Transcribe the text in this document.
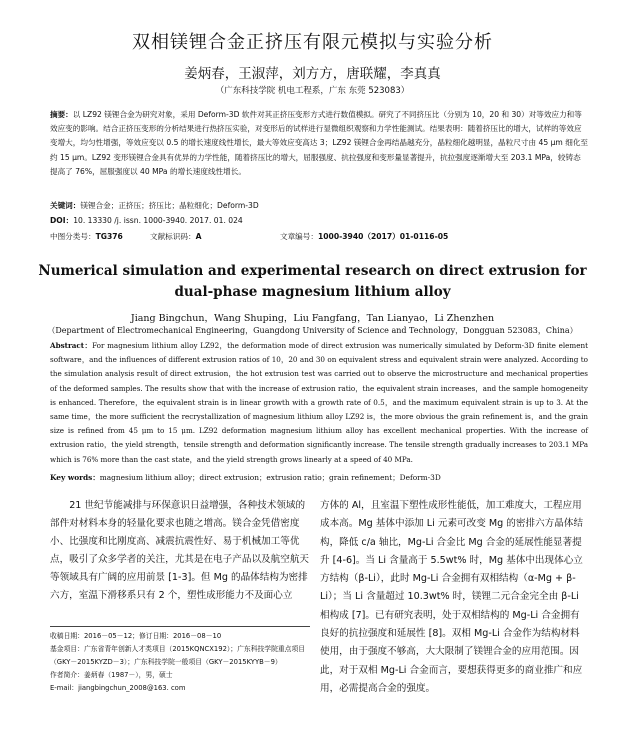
双相镁锂合金正挤压有限元模拟与实验分析
姜炳春，王淑萍，刘方方，唐联耀，李真真
（广东科技学院 机电工程系，广东 东莞 523083）
摘要：以 LZ92 镁锂合金为研究对象，采用 Deform-3D 软件对其正挤压变形方式进行数值模拟。研究了不同挤压比（分别为 10，20 和 30）对等效应力和等效应变的影响。结合正挤压变形的分析结果进行热挤压实验，对变形后的试样进行显微组织观察和力学性能测试。结果表明：随着挤压比的增大，试样的等效应变增大，均匀性增强，等效应变以 0.5 的增长速度线性增长，最大等效应变高达 3；LZ92 镁锂合金再结晶越充分，晶粒细化越明显，晶粒尺寸由 45 μm 细化至约 15 μm。LZ92 变形镁锂合金具有优异的力学性能，随着挤压比的增大，屈服强度、抗拉强度和变形量显著提升，抗拉强度逐渐增大至 203.1 MPa，较铸态提高了 76%，屈服强度以 40 MPa 的增长速度线性增长。
关键词：镁锂合金；正挤压；挤压比；晶粒细化；Deform-3D
DOI：10. 13330 /j. issn. 1000-3940. 2017. 01. 024
中图分类号：TG376	文献标识码：A	文章编号：1000-3940（2017）01-0116-05
Numerical simulation and experimental research on direct extrusion for
dual-phase magnesium lithium alloy
Jiang Bingchun，Wang Shuping，Liu Fangfang，Tan Lianyao，Li Zhenzhen
（Department of Electromechanical Engineering，Guangdong University of Science and Technology，Dongguan 523083，China）
Abstract：For magnesium lithium alloy LZ92，the deformation mode of direct extrusion was numerically simulated by Deform-3D finite element software，and the influences of different extrusion ratios of 10，20 and 30 on equivalent stress and equivalent strain were analyzed. According to the simulation analysis result of direct extrusion，the hot extrusion test was carried out to observe the microstructure and mechanical properties of the deformed samples. The results show that with the increase of extrusion ratio，the equivalent strain increases，and the sample homogeneity is enhanced. Therefore，the equivalent strain is in linear growth with a growth rate of 0.5，and the maximum equivalent strain is up to 3. At the same time，the more sufficient the recrystallization of magnesium lithium alloy LZ92 is，the more obvious the grain refinement is，and the grain size is refined from 45 μm to 15 μm. LZ92 deformation magnesium lithium alloy has excellent mechanical properties. With the increase of extrusion ratio，the yield strength，tensile strength and deformation significantly increase. The tensile strength gradually increases to 203.1 MPa which is 76% more than the cast state，and the yield strength grows linearly at a speed of 40 MPa.
Key words：magnesium lithium alloy；direct extrusion；extrusion ratio；grain refinement；Deform-3D

21 世纪节能减排与环保意识日益增强，各种技术领域的部件对材料本身的轻量化要求也随之增高。镁合金凭借密度小、比强度和比刚度高、减震抗震性好、易于机械加工等优点，吸引了众多学者的关注，尤其是在电子产品以及航空航天等领域具有广阔的应用前景 [1-3]。但 Mg 的晶体结构为密排六方，室温下滑移系只有 2 个，塑性成形能力不及面心立

方体的 Al，且室温下塑性成形性能低，加工难度大，工程应用成本高。Mg 基体中添加 Li 元素可改变 Mg 的密排六方晶体结构，降低 c/a 轴比，Mg-Li 合金比 Mg 合金的延展性能显著提升 [4-6]。当 Li 含量高于 5.5wt% 时，Mg 基体中出现体心立方结构（β-Li），此时 Mg-Li 合金拥有双相结构（α-Mg + β-Li）；当 Li 含量超过 10.3wt% 时，镁锂二元合金完全由 β-Li 相构成 [7]。已有研究表明，处于双相结构的 Mg-Li 合金拥有良好的抗拉强度和延展性 [8]。双相 Mg-Li 合金作为结构材料使用，由于强度不够高，大大限制了镁锂合金的应用范围。因此，对于双相 Mg-Li 合金而言，要想获得更多的商业推广和应用，必需提高合金的强度。

收稿日期：2016－05－12；修订日期：2016－08－10
基金项目：广东省青年创新人才类项目（2015KQNCX192）；广东科技学院重点项目（GKY－2015KYZD－3）；广东科技学院一般项目（GKY－2015KYYB－9）
作者简介：姜炳春（1987－），男，硕士
E-mail：jiangbingchun_2008@163. com
